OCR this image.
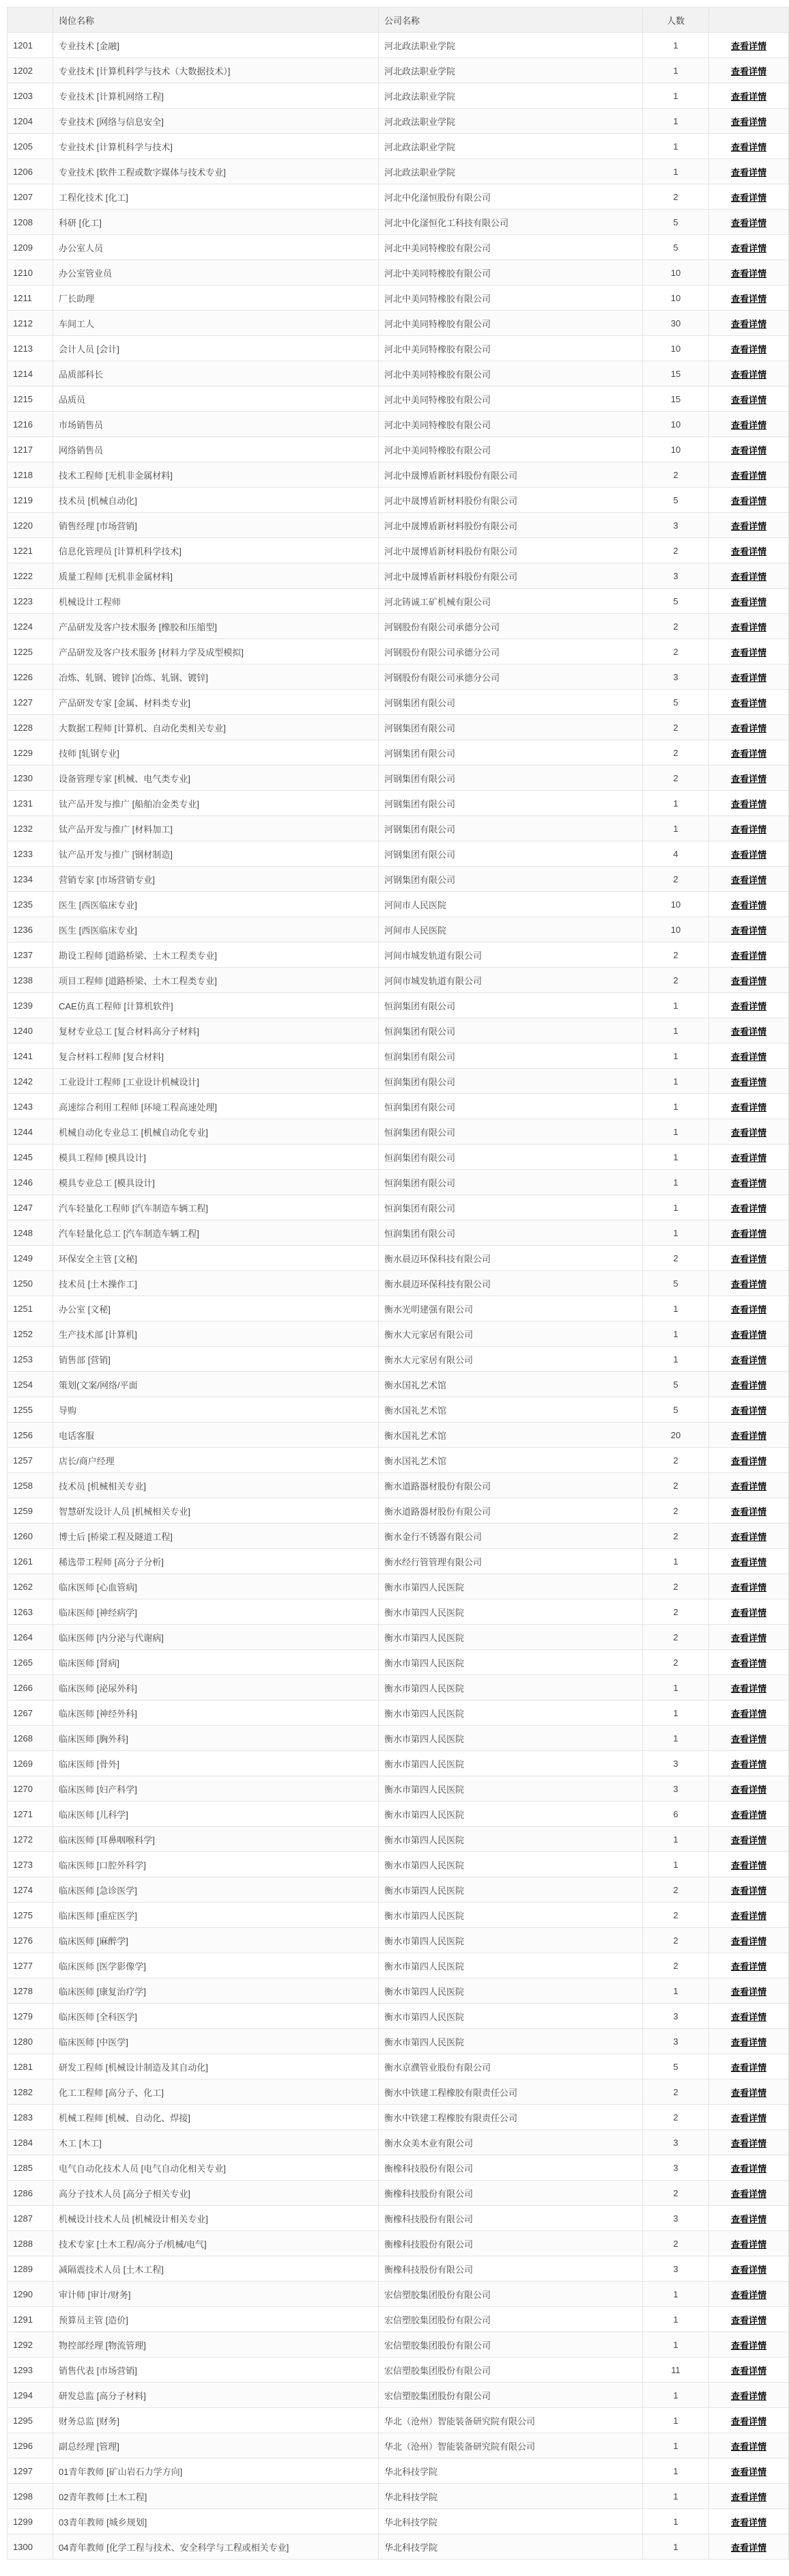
	岗位名称	公司名称	人数	
1201	专业技术 [金融]	河北政法职业学院	1	查看详情
1202	专业技术 [计算机科学与技术（大数据技术）]	河北政法职业学院	1	查看详情
1203	专业技术 [计算机网络工程]	河北政法职业学院	1	查看详情
1204	专业技术 [网络与信息安全]	河北政法职业学院	1	查看详情
1205	专业技术 [计算机科学与技术]	河北政法职业学院	1	查看详情
1206	专业技术 [软件工程或数字媒体与技术专业]	河北政法职业学院	1	查看详情
1207	工程化技术 [化工]	河北中化滏恒股份有限公司	2	查看详情
1208	科研 [化工]	河北中化滏恒化工科技有限公司	5	查看详情
1209	办公室人员	河北中美同特橡胶有限公司	5	查看详情
1210	办公室管业员	河北中美同特橡胶有限公司	10	查看详情
1211	厂长助理	河北中美同特橡胶有限公司	10	查看详情
1212	车间工人	河北中美同特橡胶有限公司	30	查看详情
1213	会计人员 [会计]	河北中美同特橡胶有限公司	10	查看详情
1214	品质部科长	河北中美同特橡胶有限公司	15	查看详情
1215	品质员	河北中美同特橡胶有限公司	15	查看详情
1216	市场销售员	河北中美同特橡胶有限公司	10	查看详情
1217	网络销售员	河北中美同特橡胶有限公司	10	查看详情
1218	技术工程师 [无机非金属材料]	河北中晟博盾新材料股份有限公司	2	查看详情
1219	技术员 [机械自动化]	河北中晟博盾新材料股份有限公司	5	查看详情
1220	销售经理 [市场营销]	河北中晟博盾新材料股份有限公司	3	查看详情
1221	信息化管理员 [计算机科学技术]	河北中晟博盾新材料股份有限公司	2	查看详情
1222	质量工程师 [无机非金属材料]	河北中晟博盾新材料股份有限公司	3	查看详情
1223	机械设计工程师	河北铸诚工矿机械有限公司	5	查看详情
1224	产品研发及客户技术服务 [橡胶和压缩型]	河钢股份有限公司承德分公司	2	查看详情
1225	产品研发及客户技术服务 [材料力学及成型模拟]	河钢股份有限公司承德分公司	2	查看详情
1226	冶炼、轧钢、镀锌 [冶炼、轧钢、镀锌]	河钢股份有限公司承德分公司	3	查看详情
1227	产品研发专家 [金属、材料类专业]	河钢集团有限公司	5	查看详情
1228	大数据工程师 [计算机、自动化类相关专业]	河钢集团有限公司	2	查看详情
1229	技师 [轧钢专业]	河钢集团有限公司	2	查看详情
1230	设备管理专家 [机械、电气类专业]	河钢集团有限公司	2	查看详情
1231	钛产品开发与推广 [船舶冶金类专业]	河钢集团有限公司	1	查看详情
1232	钛产品开发与推广 [材料加工]	河钢集团有限公司	1	查看详情
1233	钛产品开发与推广 [钢材制造]	河钢集团有限公司	4	查看详情
1234	营销专家 [市场营销专业]	河钢集团有限公司	2	查看详情
1235	医生 [西医临床专业]	河间市人民医院	10	查看详情
1236	医生 [西医临床专业]	河间市人民医院	10	查看详情
1237	勘设工程师 [道路桥梁、土木工程类专业]	河间市城发轨道有限公司	2	查看详情
1238	项目工程师 [道路桥梁、土木工程类专业]	河间市城发轨道有限公司	2	查看详情
1239	CAE仿真工程师 [计算机软件]	恒润集团有限公司	1	查看详情
1240	复材专业总工 [复合材料高分子材料]	恒润集团有限公司	1	查看详情
1241	复合材料工程师 [复合材料]	恒润集团有限公司	1	查看详情
1242	工业设计工程师 [工业设计机械设计]	恒润集团有限公司	1	查看详情
1243	高速综合利用工程师 [环境工程高速处理]	恒润集团有限公司	1	查看详情
1244	机械自动化专业总工 [机械自动化专业]	恒润集团有限公司	1	查看详情
1245	模具工程师 [模具设计]	恒润集团有限公司	1	查看详情
1246	模具专业总工 [模具设计]	恒润集团有限公司	1	查看详情
1247	汽车轻量化工程师 [汽车制造车辆工程]	恒润集团有限公司	1	查看详情
1248	汽车轻量化总工 [汽车制造车辆工程]	恒润集团有限公司	1	查看详情
1249	环保安全主管 [文秘]	衡水晨迈环保科技有限公司	2	查看详情
1250	技术员 [土木操作工]	衡水晨迈环保科技有限公司	5	查看详情
1251	办公室 [文秘]	衡水光明建强有限公司	1	查看详情
1252	生产技术部 [计算机]	衡水大元家居有限公司	1	查看详情
1253	销售部 [营销]	衡水大元家居有限公司	1	查看详情
1254	策划(文案/网络/平面	衡水国礼艺术馆	5	查看详情
1255	导购	衡水国礼艺术馆	5	查看详情
1256	电话客服	衡水国礼艺术馆	20	查看详情
1257	店长/商户经理	衡水国礼艺术馆	2	查看详情
1258	技术员 [机械相关专业]	衡水道路器材股份有限公司	2	查看详情
1259	智慧研发设计人员 [机械相关专业]	衡水道路器材股份有限公司	2	查看详情
1260	博士后 [桥梁工程及隧道工程]	衡水金行不锈器有限公司	2	查看详情
1261	稀选带工程师 [高分子分析]	衡水经行管管理有限公司	1	查看详情
1262	临床医师 [心血管病]	衡水市第四人民医院	2	查看详情
1263	临床医师 [神经病学]	衡水市第四人民医院	2	查看详情
1264	临床医师 [内分泌与代谢病]	衡水市第四人民医院	2	查看详情
1265	临床医师 [肾病]	衡水市第四人民医院	2	查看详情
1266	临床医师 [泌尿外科]	衡水市第四人民医院	1	查看详情
1267	临床医师 [神经外科]	衡水市第四人民医院	1	查看详情
1268	临床医师 [胸外科]	衡水市第四人民医院	1	查看详情
1269	临床医师 [骨外]	衡水市第四人民医院	3	查看详情
1270	临床医师 [妇产科学]	衡水市第四人民医院	3	查看详情
1271	临床医师 [儿科学]	衡水市第四人民医院	6	查看详情
1272	临床医师 [耳鼻咽喉科学]	衡水市第四人民医院	1	查看详情
1273	临床医师 [口腔外科学]	衡水市第四人民医院	1	查看详情
1274	临床医师 [急诊医学]	衡水市第四人民医院	2	查看详情
1275	临床医师 [重症医学]	衡水市第四人民医院	2	查看详情
1276	临床医师 [麻醉学]	衡水市第四人民医院	2	查看详情
1277	临床医师 [医学影像学]	衡水市第四人民医院	2	查看详情
1278	临床医师 [康复治疗学]	衡水市第四人民医院	1	查看详情
1279	临床医师 [全科医学]	衡水市第四人民医院	3	查看详情
1280	临床医师 [中医学]	衡水市第四人民医院	3	查看详情
1281	研发工程师 [机械设计制造及其自动化]	衡水京濮管业股份有限公司	5	查看详情
1282	化工工程师 [高分子、化工]	衡水中铁建工程橡胶有限责任公司	2	查看详情
1283	机械工程师 [机械、自动化、焊接]	衡水中铁建工程橡胶有限责任公司	2	查看详情
1284	木工 [木工]	衡水众美木业有限公司	3	查看详情
1285	电气自动化技术人员 [电气自动化相关专业]	衡橡科技股份有限公司	3	查看详情
1286	高分子技术人员 [高分子相关专业]	衡橡科技股份有限公司	2	查看详情
1287	机械设计技术人员 [机械设计相关专业]	衡橡科技股份有限公司	3	查看详情
1288	技术专家 [土木工程/高分子/机械/电气]	衡橡科技股份有限公司	2	查看详情
1289	减隔震技术人员 [土木工程]	衡橡科技股份有限公司	3	查看详情
1290	审计师 [审计/财务]	宏信塑胶集团股份有限公司	1	查看详情
1291	预算员主管 [造价]	宏信塑胶集团股份有限公司	1	查看详情
1292	物控部经理 [物流管理]	宏信塑胶集团股份有限公司	1	查看详情
1293	销售代表 [市场营销]	宏信塑胶集团股份有限公司	11	查看详情
1294	研发总监 [高分子材料]	宏信塑胶集团股份有限公司	1	查看详情
1295	财务总监 [财务]	华北（沧州）智能装备研究院有限公司	1	查看详情
1296	副总经理 [管理]	华北（沧州）智能装备研究院有限公司	1	查看详情
1297	01青年教师 [矿山岩石力学方向]	华北科技学院	1	查看详情
1298	02青年教师 [土木工程]	华北科技学院	1	查看详情
1299	03青年教师 [城乡规划]	华北科技学院	1	查看详情
1300	04青年教师 [化学工程与技术、安全科学与工程或相关专业]	华北科技学院	1	查看详情
